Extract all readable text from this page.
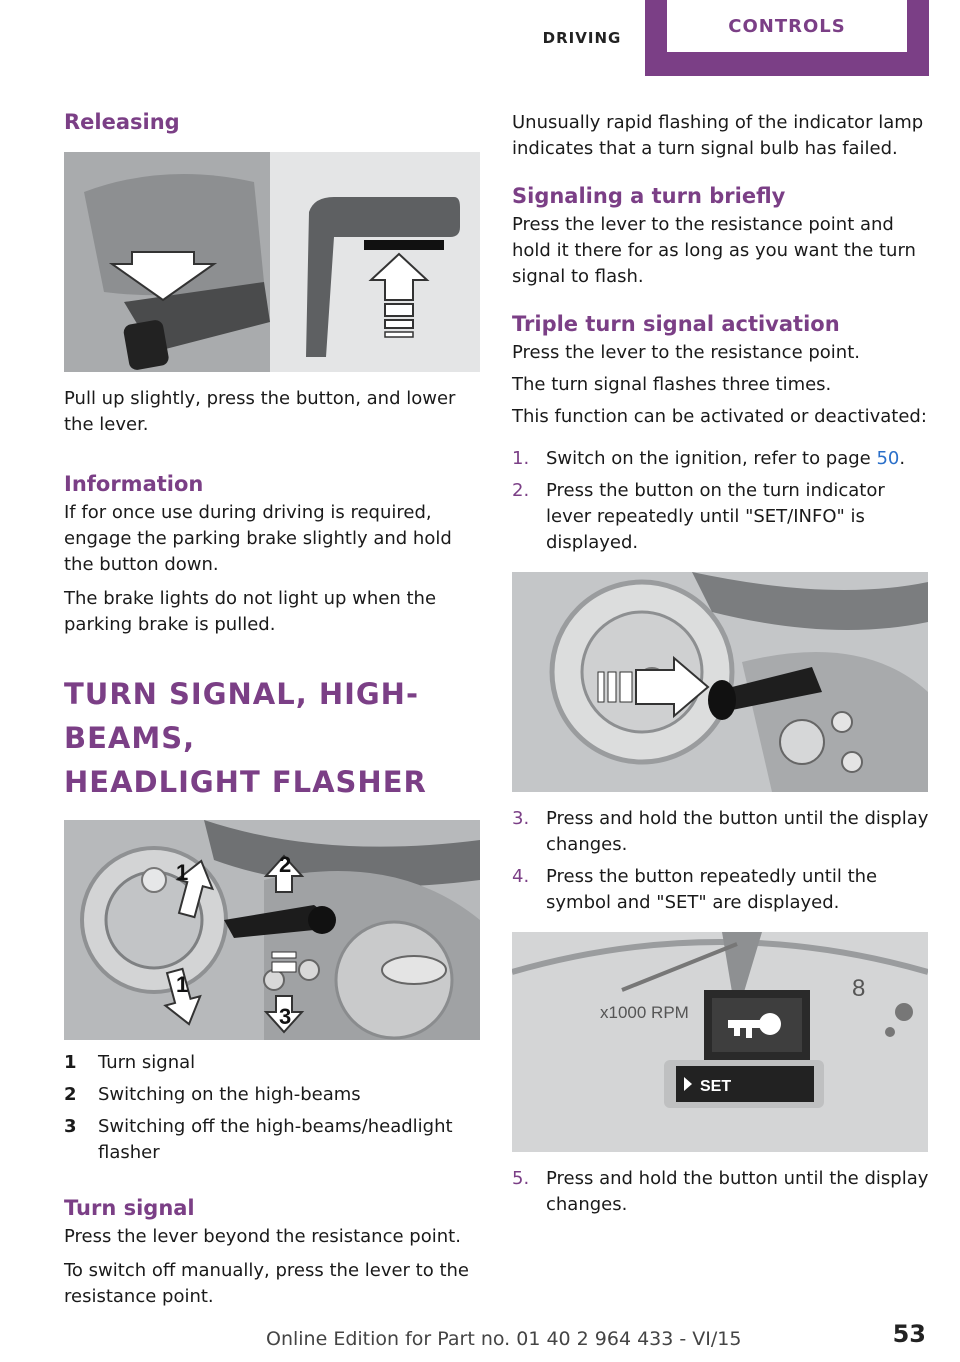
DRIVING
CONTROLS
Releasing

Pull up slightly, press the button, and lower the lever.

Information

If for once use during driving is required, engage the parking brake slightly and hold the button down.

The brake lights do not light up when the parking brake is pulled.

TURN SIGNAL, HIGH-BEAMS,
HEADLIGHT FLASHER
1	2
3
1
1	Turn signal
2	Switching on the high-beams
3	Switching off the high-beams/headlight flasher
Turn signal

Press the lever beyond the resistance point.

To switch off manually, press the lever to the resistance point.

Unusually rapid flashing of the indicator lamp indicates that a turn signal bulb has failed.

Signaling a turn briefly

Press the lever to the resistance point and hold it there for as long as you want the turn signal to flash.

Triple turn signal activation

Press the lever to the resistance point.

The turn signal flashes three times.

This function can be activated or deactivated:

1. Switch on the ignition, refer to page 50.
2. Press the button on the turn indicator lever repeatedly until "SET/INFO" is displayed.
3. Press and hold the button until the display changes.
4. Press the button repeatedly until the symbol and "SET" are displayed.
SET
x1000 RPM
8
5. Press and hold the button until the display changes.
Online Edition for Part no. 01 40 2 964 433 - VI/15	53
